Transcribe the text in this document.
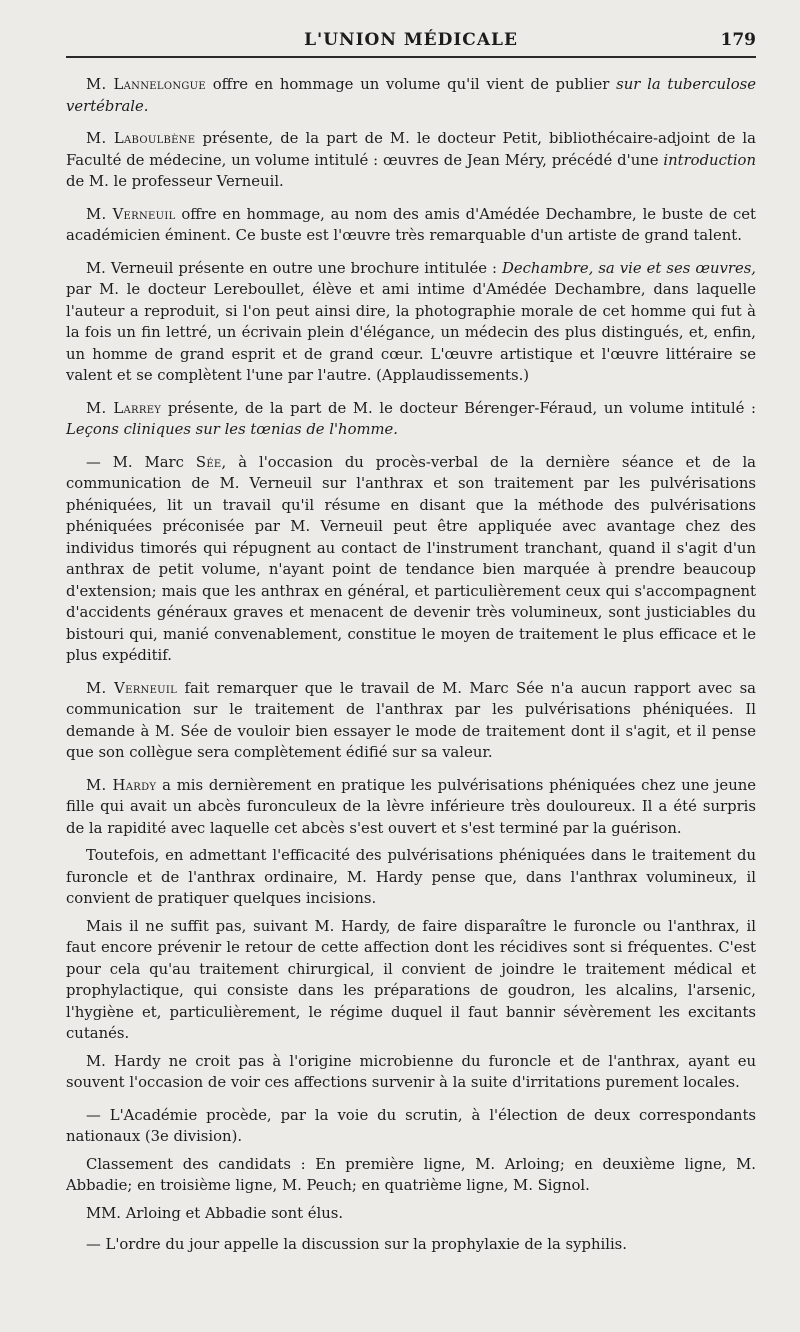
L'UNION MÉDICALE	179

M. Lannelongue offre en hommage un volume qu'il vient de publier sur la tuberculose vertébrale.

M. Laboulbène présente, de la part de M. le docteur Petit, bibliothécaire-adjoint de la Faculté de médecine, un volume intitulé : œuvres de Jean Méry, précédé d'une introduction de M. le professeur Verneuil.

M. Verneuil offre en hommage, au nom des amis d'Amédée Dechambre, le buste de cet académicien éminent. Ce buste est l'œuvre très remarquable d'un artiste de grand talent.

M. Verneuil présente en outre une brochure intitulée : Dechambre, sa vie et ses œuvres, par M. le docteur Lereboullet, élève et ami intime d'Amédée Dechambre, dans laquelle l'auteur a reproduit, si l'on peut ainsi dire, la photographie morale de cet homme qui fut à la fois un fin lettré, un écrivain plein d'élégance, un médecin des plus distingués, et, enfin, un homme de grand esprit et de grand cœur. L'œuvre artistique et l'œuvre littéraire se valent et se complètent l'une par l'autre. (Applaudissements.)

M. Larrey présente, de la part de M. le docteur Bérenger-Féraud, un volume intitulé : Leçons cliniques sur les tœnias de l'homme.

— M. Marc Sée, à l'occasion du procès-verbal de la dernière séance et de la communication de M. Verneuil sur l'anthrax et son traitement par les pulvérisations phéniquées, lit un travail qu'il résume en disant que la méthode des pulvérisations phéniquées préconisée par M. Verneuil peut être appliquée avec avantage chez des individus timorés qui répugnent au contact de l'instrument tranchant, quand il s'agit d'un anthrax de petit volume, n'ayant point de tendance bien marquée à prendre beaucoup d'extension; mais que les anthrax en général, et particulièrement ceux qui s'accompagnent d'accidents généraux graves et menacent de devenir très volumineux, sont justiciables du bistouri qui, manié convenablement, constitue le moyen de traitement le plus efficace et le plus expéditif.

M. Verneuil fait remarquer que le travail de M. Marc Sée n'a aucun rapport avec sa communication sur le traitement de l'anthrax par les pulvérisations phéniquées. Il demande à M. Sée de vouloir bien essayer le mode de traitement dont il s'agit, et il pense que son collègue sera complètement édifié sur sa valeur.

M. Hardy a mis dernièrement en pratique les pulvérisations phéniquées chez une jeune fille qui avait un abcès furonculeux de la lèvre inférieure très douloureux. Il a été surpris de la rapidité avec laquelle cet abcès s'est ouvert et s'est terminé par la guérison.

Toutefois, en admettant l'efficacité des pulvérisations phéniquées dans le traitement du furoncle et de l'anthrax ordinaire, M. Hardy pense que, dans l'anthrax volumineux, il convient de pratiquer quelques incisions.

Mais il ne suffit pas, suivant M. Hardy, de faire disparaître le furoncle ou l'anthrax, il faut encore prévenir le retour de cette affection dont les récidives sont si fréquentes. C'est pour cela qu'au traitement chirurgical, il convient de joindre le traitement médical et prophylactique, qui consiste dans les préparations de goudron, les alcalins, l'arsenic, l'hygiène et, particulièrement, le régime duquel il faut bannir sévèrement les excitants cutanés.

M. Hardy ne croit pas à l'origine microbienne du furoncle et de l'anthrax, ayant eu souvent l'occasion de voir ces affections survenir à la suite d'irritations purement locales.

— L'Académie procède, par la voie du scrutin, à l'élection de deux correspondants nationaux (3e division).

Classement des candidats : En première ligne, M. Arloing; en deuxième ligne, M. Abbadie; en troisième ligne, M. Peuch; en quatrième ligne, M. Signol.

MM. Arloing et Abbadie sont élus.

— L'ordre du jour appelle la discussion sur la prophylaxie de la syphilis.
